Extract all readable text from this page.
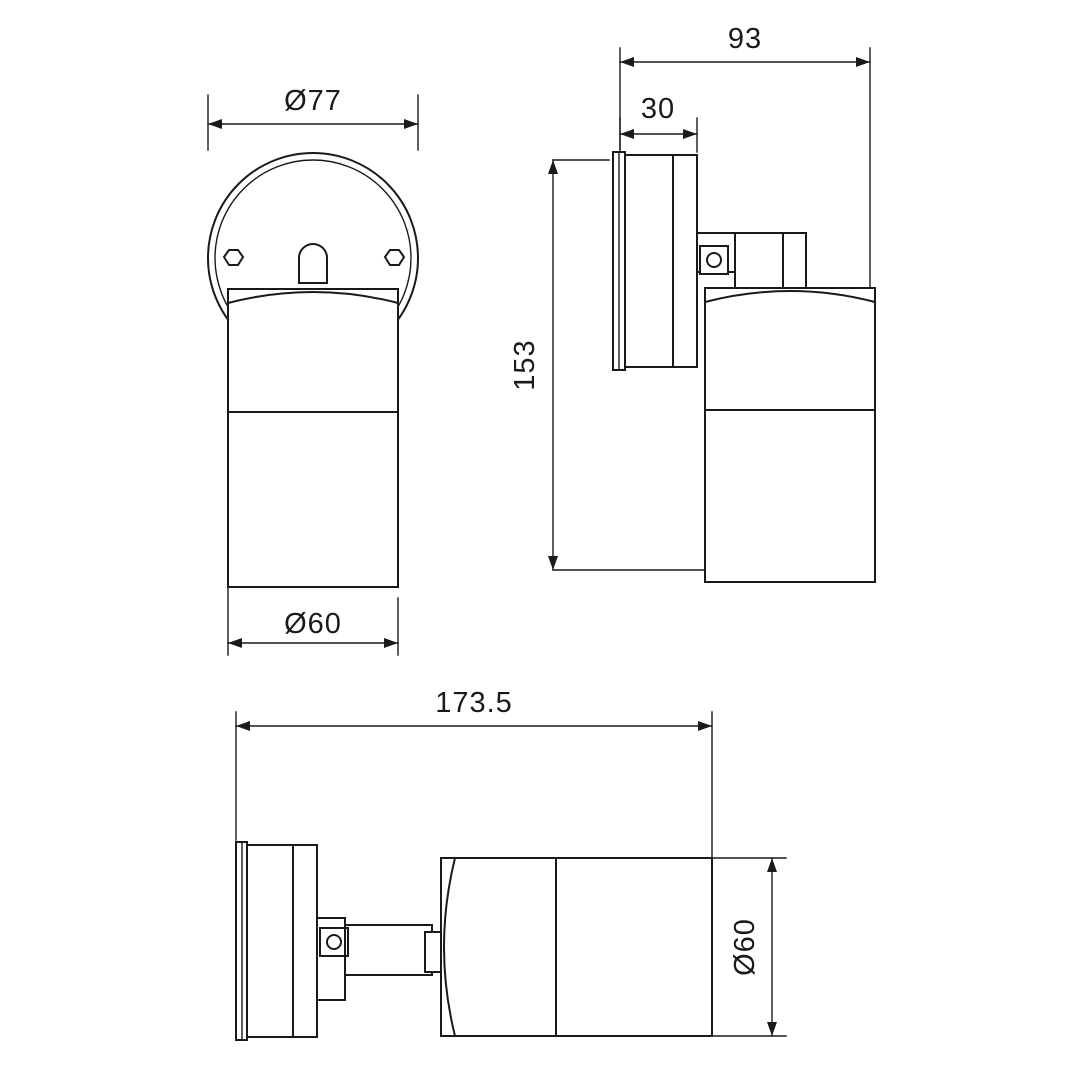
Ø77
Ø60
93
30
153
173.5
Ø60
